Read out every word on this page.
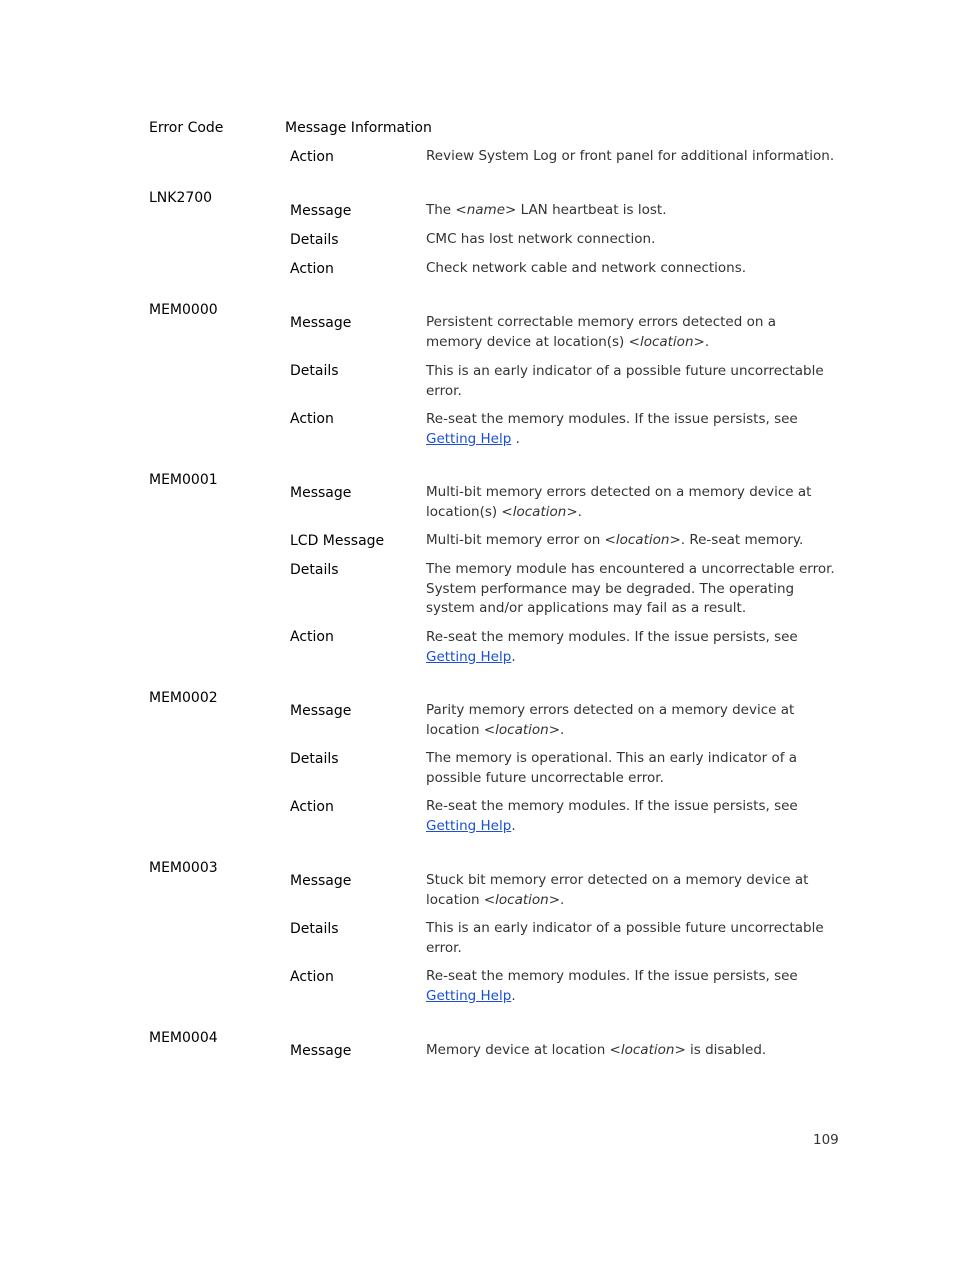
Error Code	Message Information
Action	Review System Log or front panel for additional information.
LNK2700
Message	The <name> LAN heartbeat is lost.
Details	CMC has lost network connection.
Action	Check network cable and network connections.
MEM0000
Message	Persistent correctable memory errors detected on a memory device at location(s) <location>.
Details	This is an early indicator of a possible future uncorrectable error.
Action	Re-seat the memory modules. If the issue persists, see
Getting Help .
MEM0001
Message	Multi-bit memory errors detected on a memory device at location(s) <location>.
LCD Message	Multi-bit memory error on <location>. Re-seat memory.
Details	The memory module has encountered a uncorrectable error. System performance may be degraded. The operating system and/or applications may fail as a result.
Action	Re-seat the memory modules. If the issue persists, see
Getting Help.
MEM0002
Message	Parity memory errors detected on a memory device at location <location>.
Details	The memory is operational. This an early indicator of a possible future uncorrectable error.
Action	Re-seat the memory modules. If the issue persists, see
Getting Help.
MEM0003
Message	Stuck bit memory error detected on a memory device at location <location>.
Details	This is an early indicator of a possible future uncorrectable error.
Action	Re-seat the memory modules. If the issue persists, see
Getting Help.
MEM0004
Message	Memory device at location <location> is disabled.
109
